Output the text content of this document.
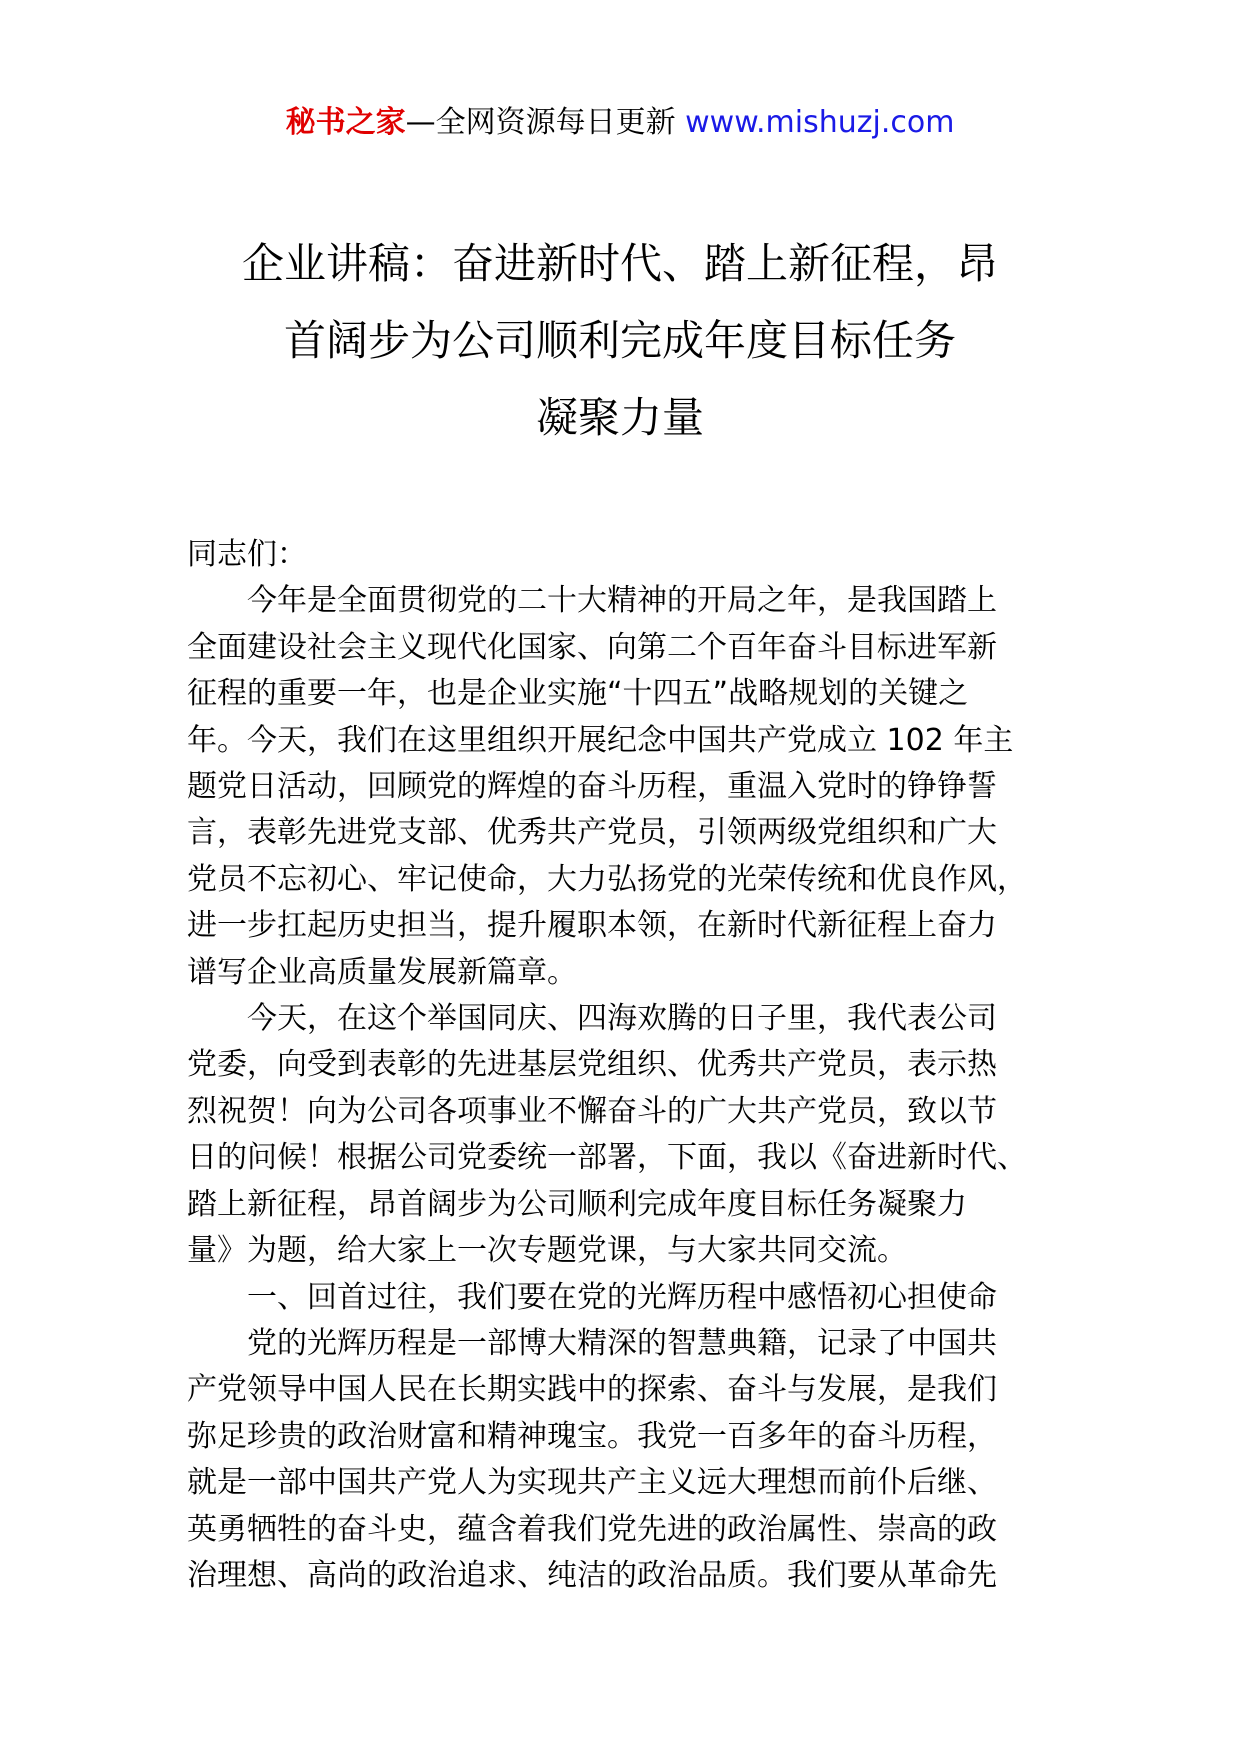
秘书之家—全网资源每日更新 www.mishuzj.com
企业讲稿：奋进新时代、踏上新征程，昂
首阔步为公司顺利完成年度目标任务
凝聚力量
同志们：
　　今年是全面贯彻党的二十大精神的开局之年，是我国踏上
全面建设社会主义现代化国家、向第二个百年奋斗目标进军新
征程的重要一年，也是企业实施“十四五”战略规划的关键之
年。今天，我们在这里组织开展纪念中国共产党成立 102 年主
题党日活动，回顾党的辉煌的奋斗历程，重温入党时的铮铮誓
言，表彰先进党支部、优秀共产党员，引领两级党组织和广大
党员不忘初心、牢记使命，大力弘扬党的光荣传统和优良作风，
进一步扛起历史担当，提升履职本领，在新时代新征程上奋力
谱写企业高质量发展新篇章。
　　今天，在这个举国同庆、四海欢腾的日子里，我代表公司
党委，向受到表彰的先进基层党组织、优秀共产党员，表示热
烈祝贺！向为公司各项事业不懈奋斗的广大共产党员，致以节
日的问候！根据公司党委统一部署，下面，我以《奋进新时代、
踏上新征程，昂首阔步为公司顺利完成年度目标任务凝聚力
量》为题，给大家上一次专题党课，与大家共同交流。
　　一、回首过往，我们要在党的光辉历程中感悟初心担使命
　　党的光辉历程是一部博大精深的智慧典籍，记录了中国共
产党领导中国人民在长期实践中的探索、奋斗与发展，是我们
弥足珍贵的政治财富和精神瑰宝。我党一百多年的奋斗历程，
就是一部中国共产党人为实现共产主义远大理想而前仆后继、
英勇牺牲的奋斗史，蕴含着我们党先进的政治属性、崇高的政
治理想、高尚的政治追求、纯洁的政治品质。我们要从革命先
